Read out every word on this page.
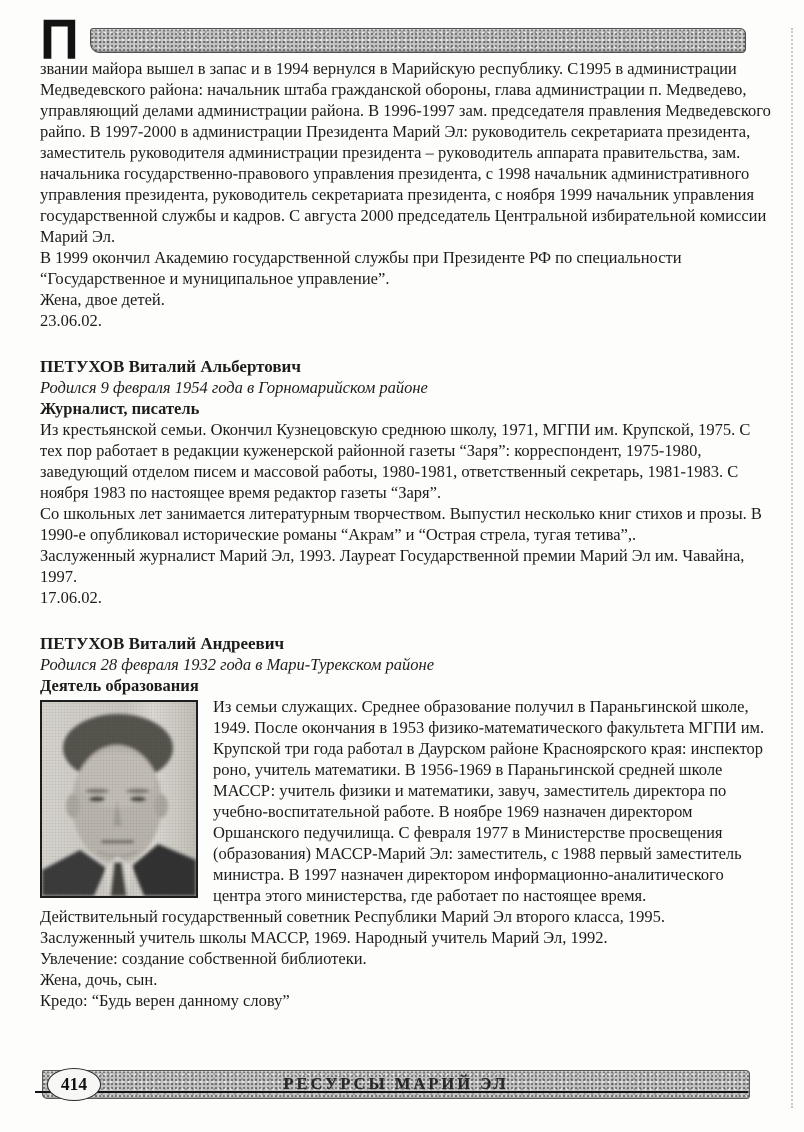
П

звании майора вышел в запас и в 1994 вернулся в Марийскую республику. С1995 в администрации Медведевского района: начальник штаба гражданской обороны, глава администрации п. Медведево, управляющий делами администрации района. В 1996-1997 зам. председателя правления Медведевского райпо. В 1997-2000 в администрации Президента Марий Эл: руководитель секретариата президента, заместитель руководителя администрации президента – руководитель аппарата правительства, зам. начальника государственно-правового управления президента, с 1998 начальник административного управления президента, руководитель секретариата президента, с ноября 1999 начальник управления государственной службы и кадров. С августа 2000 председатель Центральной избирательной комиссии Марий Эл.

В 1999 окончил Академию государственной службы при Президенте РФ по специальности “Государственное и муниципальное управление”.

Жена, двое детей.

23.06.02.

ПЕТУХОВ Виталий Альбертович

Родился 9 февраля 1954 года в Горномарийском районе

Журналист, писатель

Из крестьянской семьи. Окончил Кузнецовскую среднюю школу, 1971, МГПИ им. Крупской, 1975. С тех пор работает в редакции куженерской районной газеты “Заря”: корреспондент, 1975-1980, заведующий отделом писем и массовой работы, 1980-1981, ответственный секретарь, 1981-1983. С ноября 1983 по настоящее время редактор газеты “Заря”.

Со школьных лет занимается литературным творчеством. Выпустил несколько книг стихов и прозы. В 1990-е опубликовал исторические романы “Акрам” и “Острая стрела, тугая тетива”,.

Заслуженный журналист Марий Эл, 1993. Лауреат Государственной премии Марий Эл им. Чавайна, 1997.

17.06.02.

ПЕТУХОВ Виталий Андреевич

Родился 28 февраля 1932 года в Мари-Турекском районе

Деятель образования

Из семьи служащих. Среднее образование получил в Параньгинской школе, 1949. После окончания в 1953 физико-математического факультета МГПИ им. Крупской три года работал в Даурском районе Красноярского края: инспектор роно, учитель математики. В 1956-1969 в Параньгинской средней школе МАССР: учитель физики и математики, завуч, заместитель директора по учебно-воспитательной работе. В ноябре 1969 назначен директором Оршанского педучилища. С февраля 1977 в Министерстве просвещения (образования) МАССР-Марий Эл: заместитель, с 1988 первый заместитель министра. В 1997 назначен директором информационно-аналитического центра этого министерства, где работает по настоящее время.

Действительный государственный советник Республики Марий Эл второго класса, 1995.

Заслуженный учитель школы МАССР, 1969. Народный учитель Марий Эл, 1992.

Увлечение: создание собственной библиотеки.

Жена, дочь, сын.

Кредо: “Будь верен данному слову”

РЕСУРСЫ МАРИЙ ЭЛ
414
